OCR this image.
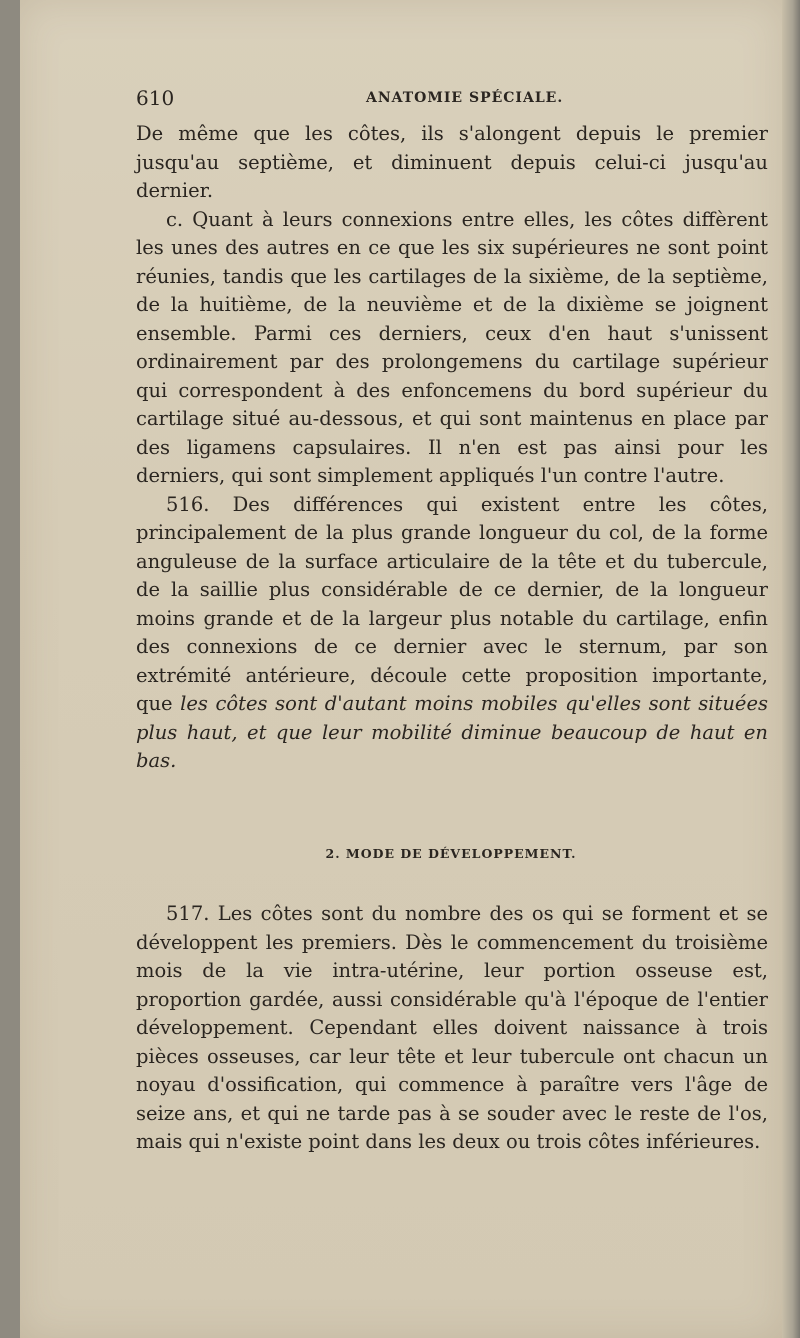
610	ANATOMIE SPÉCIALE.

De même que les côtes, ils s'alongent depuis le premier jusqu'au septième, et diminuent depuis celui-ci jusqu'au dernier.

c. Quant à leurs connexions entre elles, les côtes diffèrent les unes des autres en ce que les six supérieures ne sont point réunies, tandis que les cartilages de la sixième, de la septième, de la huitième, de la neuvième et de la dixième se joignent ensemble. Parmi ces derniers, ceux d'en haut s'unissent ordinairement par des prolongemens du cartilage supérieur qui correspondent à des enfoncemens du bord supérieur du cartilage situé au-dessous, et qui sont maintenus en place par des ligamens capsulaires. Il n'en est pas ainsi pour les derniers, qui sont simplement appliqués l'un contre l'autre.

516. Des différences qui existent entre les côtes, principalement de la plus grande longueur du col, de la forme anguleuse de la surface articulaire de la tête et du tubercule, de la saillie plus considérable de ce dernier, de la longueur moins grande et de la largeur plus notable du cartilage, enfin des connexions de ce dernier avec le sternum, par son extrémité antérieure, découle cette proposition importante, que les côtes sont d'autant moins mobiles qu'elles sont situées plus haut, et que leur mobilité diminue beaucoup de haut en bas.

2. MODE DE DÉVELOPPEMENT.

517. Les côtes sont du nombre des os qui se forment et se développent les premiers. Dès le commencement du troisième mois de la vie intra-utérine, leur portion osseuse est, proportion gardée, aussi considérable qu'à l'époque de l'entier développement. Cependant elles doivent naissance à trois pièces osseuses, car leur tête et leur tubercule ont chacun un noyau d'ossification, qui commence à paraître vers l'âge de seize ans, et qui ne tarde pas à se souder avec le reste de l'os, mais qui n'existe point dans les deux ou trois côtes inférieures.
